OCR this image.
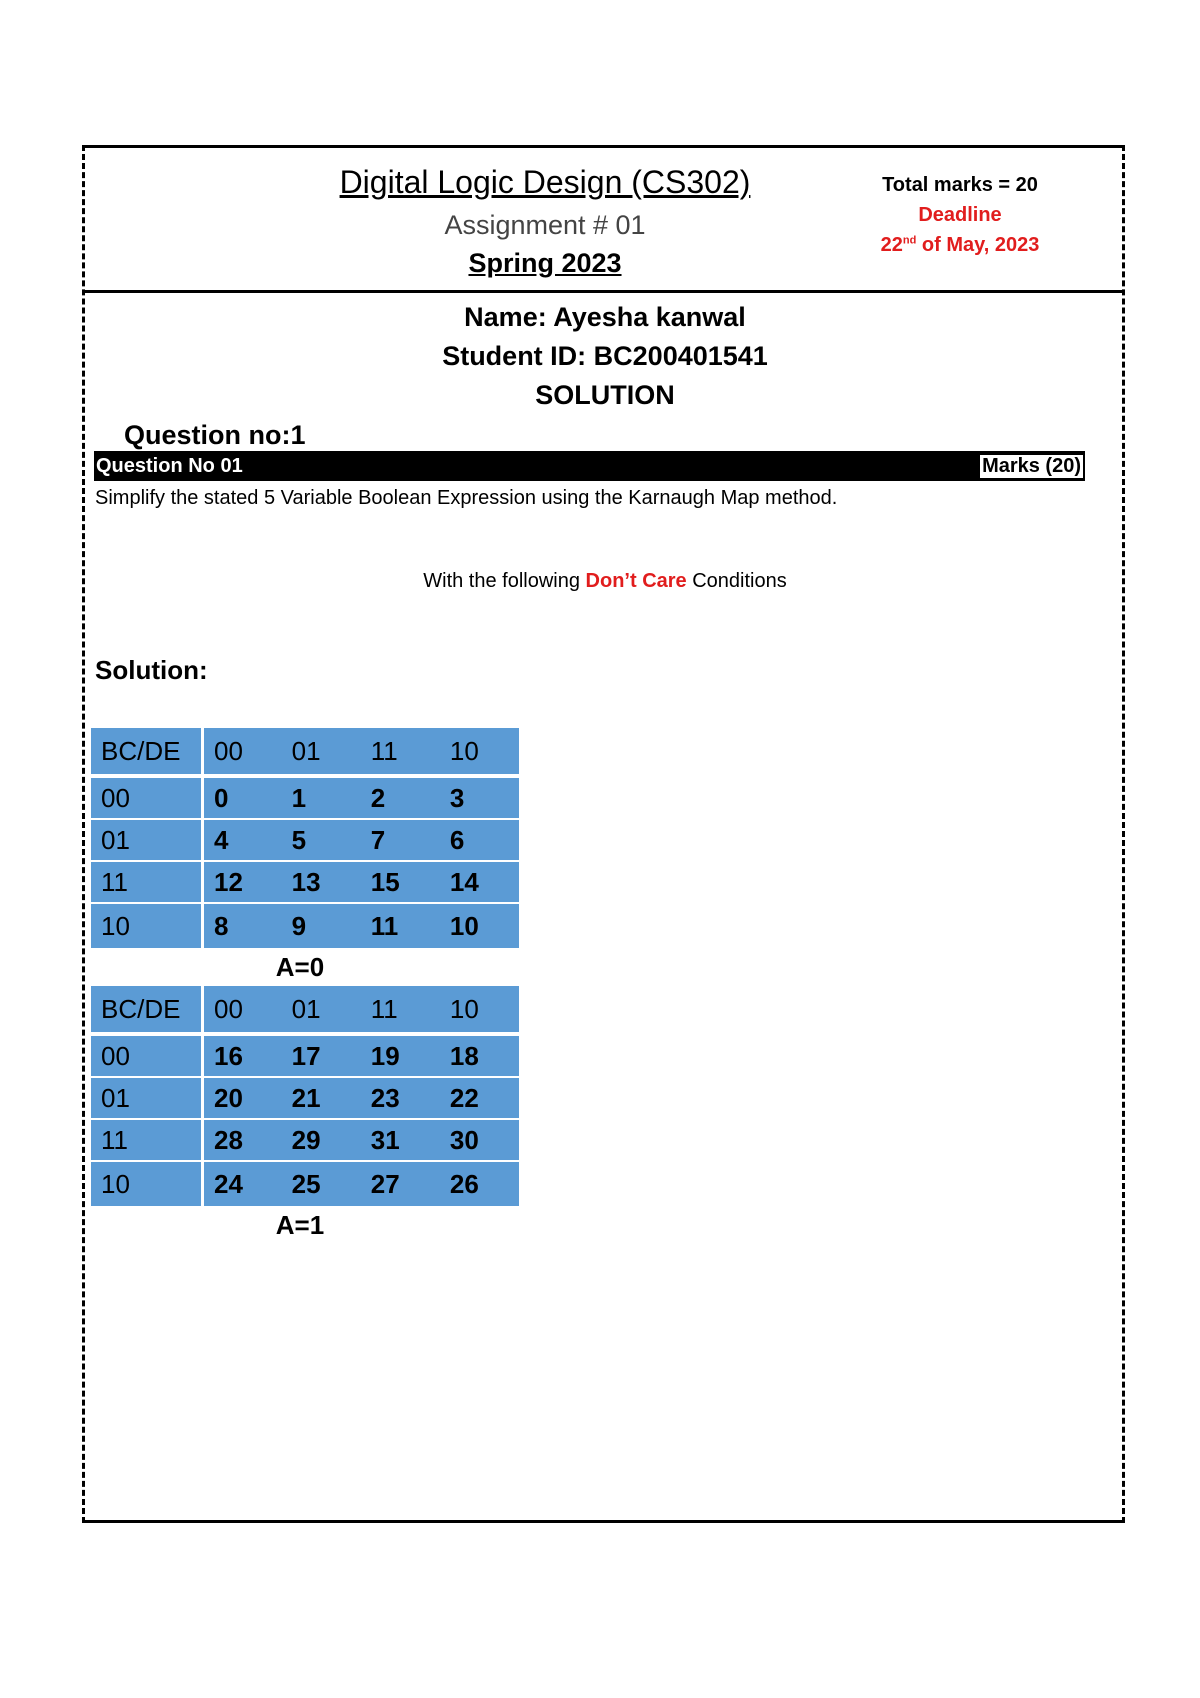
Digital Logic Design (CS302)
Assignment # 01
Spring 2023
Total marks = 20
Deadline
22nd of May, 2023
Name: Ayesha kanwal
Student ID: BC200401541
SOLUTION
Question no:1
Question No 01	Marks (20)
Simplify the stated 5 Variable Boolean Expression using the Karnaugh Map method.
With the following Don’t Care Conditions
Solution:
BC/DE	00	01	11	10
00	0	1	2	3
01	4	5	7	6
11	12	13	15	14
10	8	9	11	10
A=0
BC/DE	00	01	11	10
00	16	17	19	18
01	20	21	23	22
11	28	29	31	30
10	24	25	27	26
A=1
